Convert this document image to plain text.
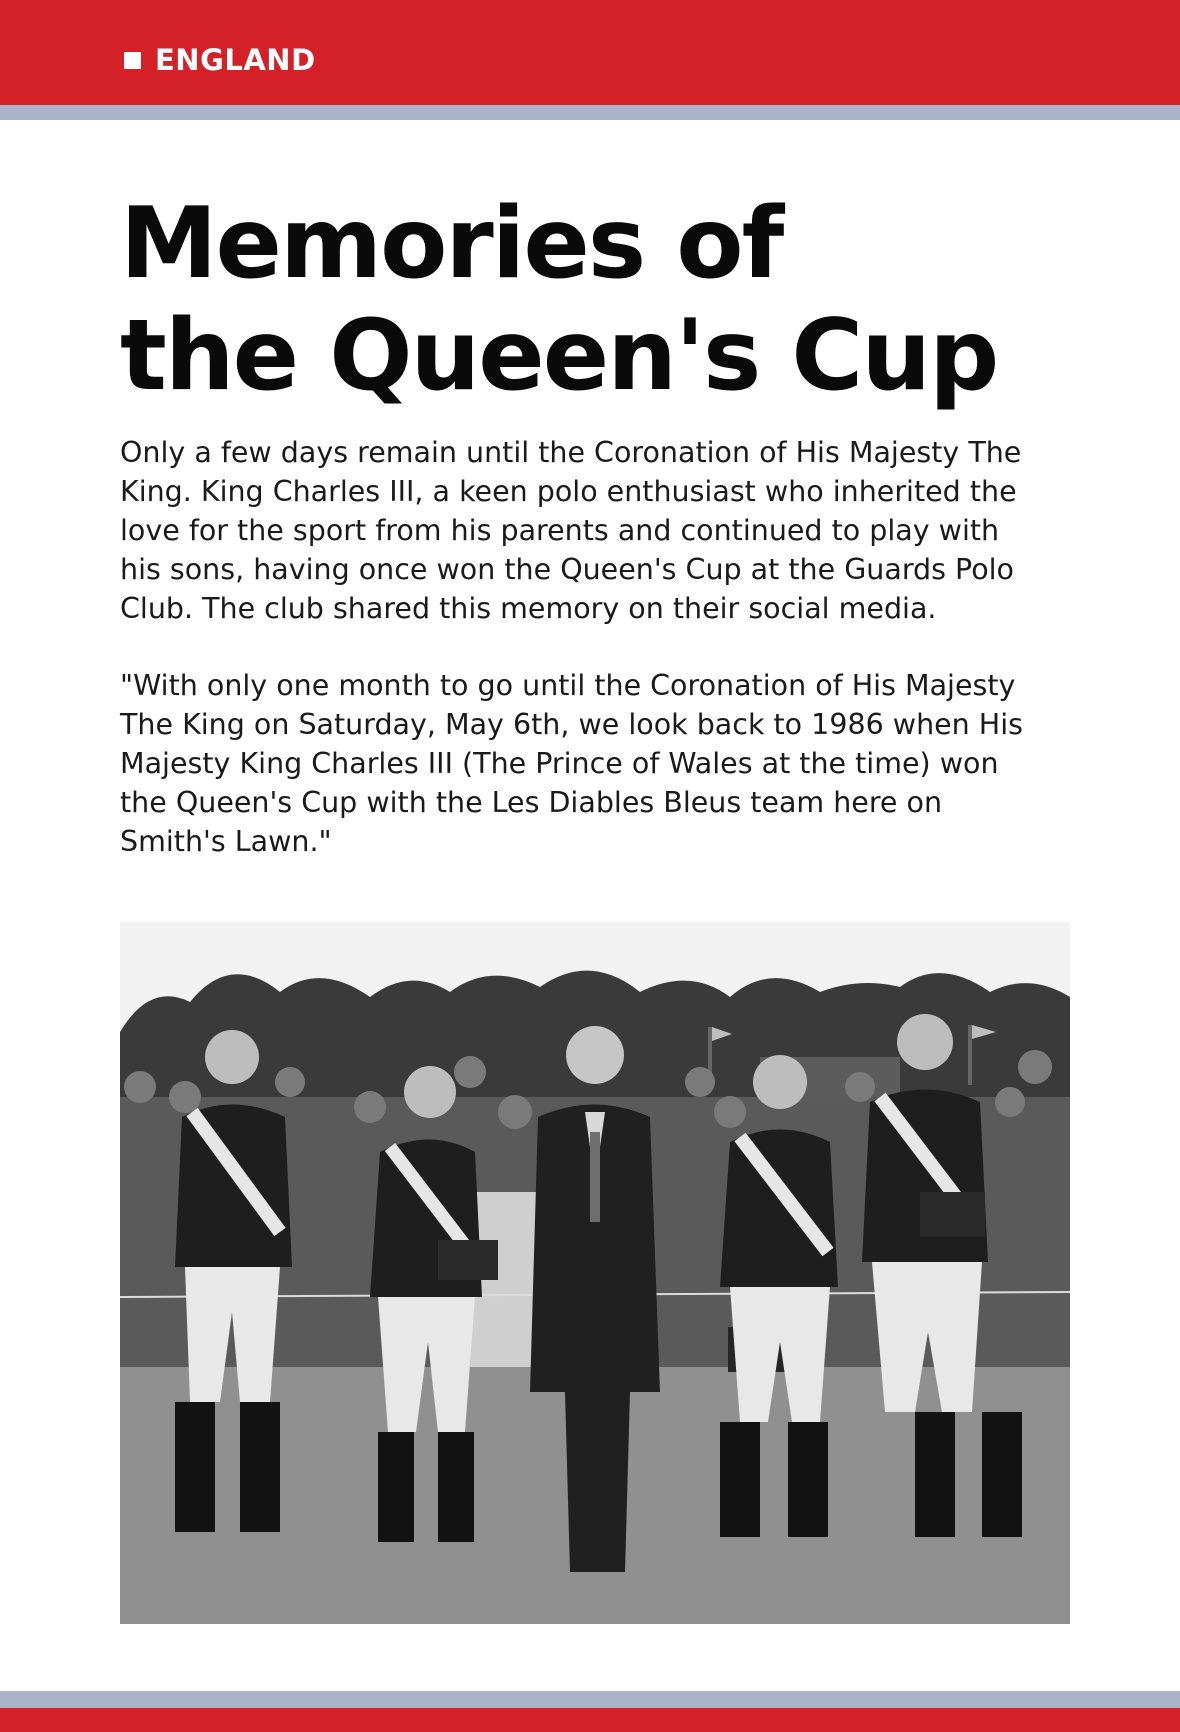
ENGLAND
Memories of
the Queen's Cup
Only a few days remain until the Coronation of His Majesty The
King. King Charles III, a keen polo enthusiast who inherited the
love for the sport from his parents and continued to play with
his sons, having once won the Queen's Cup at the Guards Polo
Club. The club shared this memory on their social media.
"With only one month to go until the Coronation of His Majesty
The King on Saturday, May 6th, we look back to 1986 when His
Majesty King Charles III (The Prince of Wales at the time) won
the Queen's Cup with the Les Diables Bleus team here on
Smith's Lawn."
